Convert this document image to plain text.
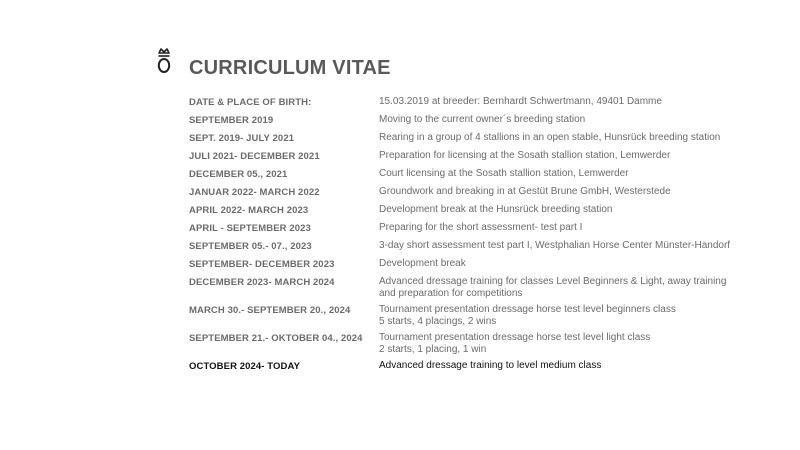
CURRICULUM VITAE
DATE & PLACE OF BIRTH:	15.03.2019 at breeder: Bernhardt Schwertmann, 49401 Damme
SEPTEMBER 2019	Moving to the current owner´s breeding station
SEPT. 2019- JULY 2021	Rearing in a group of 4 stallions in an open stable, Hunsrück breeding station
JULI 2021- DECEMBER 2021	Preparation for licensing at the Sosath stallion station, Lemwerder
DECEMBER 05., 2021	Court licensing at the Sosath stallion station, Lemwerder
JANUAR 2022- MARCH 2022	Groundwork and breaking in at Gestüt Brune GmbH, Westerstede
APRIL 2022- MARCH 2023	Development break at the Hunsrück breeding station
APRIL - SEPTEMBER 2023	Preparing for the short assessment- test part I
SEPTEMBER 05.- 07., 2023	3-day short assessment test part I, Westphalian Horse Center Münster-Handorf
SEPTEMBER- DECEMBER 2023	Development break
DECEMBER 2023- MARCH 2024	Advanced dressage training for classes Level Beginners & Light, away training
and preparation for competitions
MARCH 30.- SEPTEMBER 20., 2024	Tournament presentation dressage horse test level beginners class
5 starts, 4 placings, 2 wins
SEPTEMBER 21.- OKTOBER 04., 2024	Tournament presentation dressage horse test level light class
2 starts, 1 placing, 1 win
OCTOBER 2024- TODAY	Advanced dressage training to level medium class
